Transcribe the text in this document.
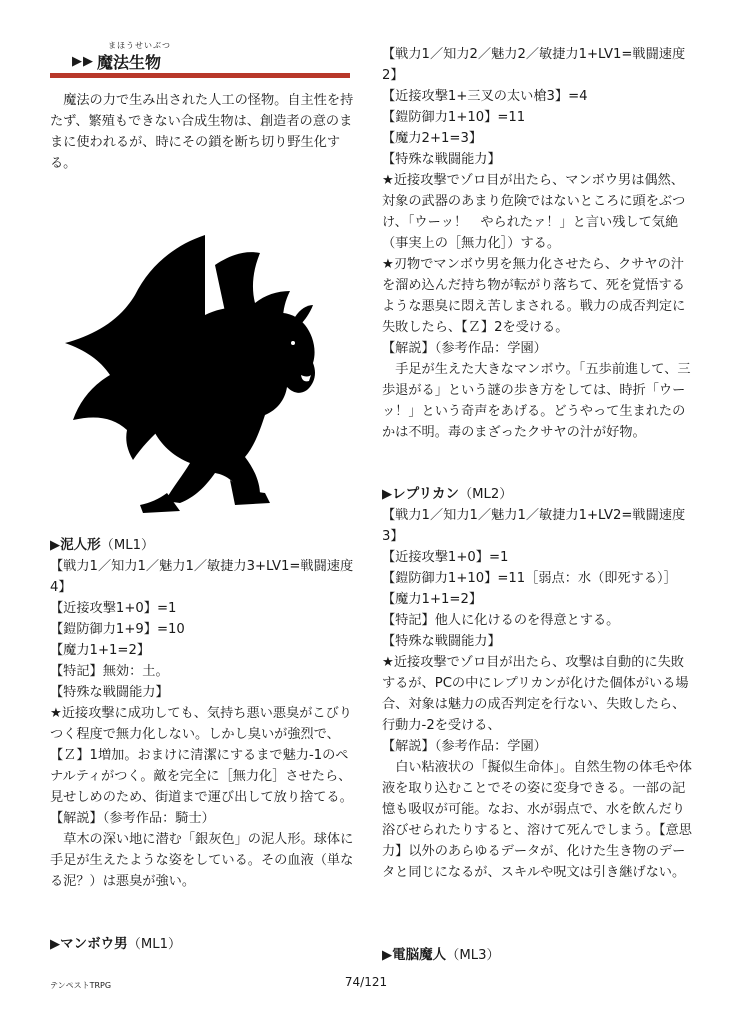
まほうせいぶつ
▶ ▶ 魔法生物

魔法の力で生み出された人工の怪物。自主性を持たず、繁殖もできない合成生物は、創造者の意のままに使われるが、時にその鎖を断ち切り野生化する。

▶泥人形（ML1）

【戦力1／知力1／魅力1／敏捷力3+LV1=戦闘速度4】

【近接攻撃1+0】=1

【鎧防御力1+9】=10

【魔力1+1=2】

【特記】無効：土。

【特殊な戦闘能力】

★近接攻撃に成功しても、気持ち悪い悪臭がこびりつく程度で無力化しない。しかし臭いが強烈で、【Ｚ】1増加。おまけに清潔にするまで魅力-1のペナルティがつく。敵を完全に［無力化］させたら、見せしめのため、街道まで運び出して放り捨てる。

【解説】（参考作品：騎士）

草木の深い地に潜む「銀灰色」の泥人形。球体に手足が生えたような姿をしている。その血液（単なる泥？）は悪臭が強い。

▶マンボウ男（ML1）

【戦力1／知力2／魅力2／敏捷力1+LV1=戦闘速度2】

【近接攻撃1+三叉の太い槍3】=4

【鎧防御力1+10】=11

【魔力2+1=3】

【特殊な戦闘能力】

★近接攻撃でゾロ目が出たら、マンボウ男は偶然、対象の武器のあまり危険ではないところに頭をぶつけ、「ウーッ！　やられたァ！」と言い残して気絶（事実上の［無力化］）する。

★刃物でマンボウ男を無力化させたら、クサヤの汁を溜め込んだ持ち物が転がり落ちて、死を覚悟するような悪臭に悶え苦しまされる。戦力の成否判定に失敗したら、【Ｚ】2を受ける。

【解説】（参考作品：学園）

手足が生えた大きなマンボウ。「五歩前進して、三歩退がる」という謎の歩き方をしては、時折「ウーッ！」という奇声をあげる。どうやって生まれたのかは不明。毒のまざったクサヤの汁が好物。

▶レプリカン（ML2）

【戦力1／知力1／魅力1／敏捷力1+LV2=戦闘速度3】

【近接攻撃1+0】=1

【鎧防御力1+10】=11［弱点：水（即死する）］

【魔力1+1=2】

【特記】他人に化けるのを得意とする。

【特殊な戦闘能力】

★近接攻撃でゾロ目が出たら、攻撃は自動的に失敗するが、PCの中にレプリカンが化けた個体がいる場合、対象は魅力の成否判定を行ない、失敗したら、行動力-2を受ける、

【解説】（参考作品：学園）

白い粘液状の「擬似生命体」。自然生物の体毛や体液を取り込むことでその姿に変身できる。一部の記憶も吸収が可能。なお、水が弱点で、水を飲んだり浴びせられたりすると、溶けて死んでしまう。【意思力】以外のあらゆるデータが、化けた生き物のデータと同じになるが、スキルや呪文は引き継げない。

▶電脳魔人（ML3）

テンペストTRPG	74/121
